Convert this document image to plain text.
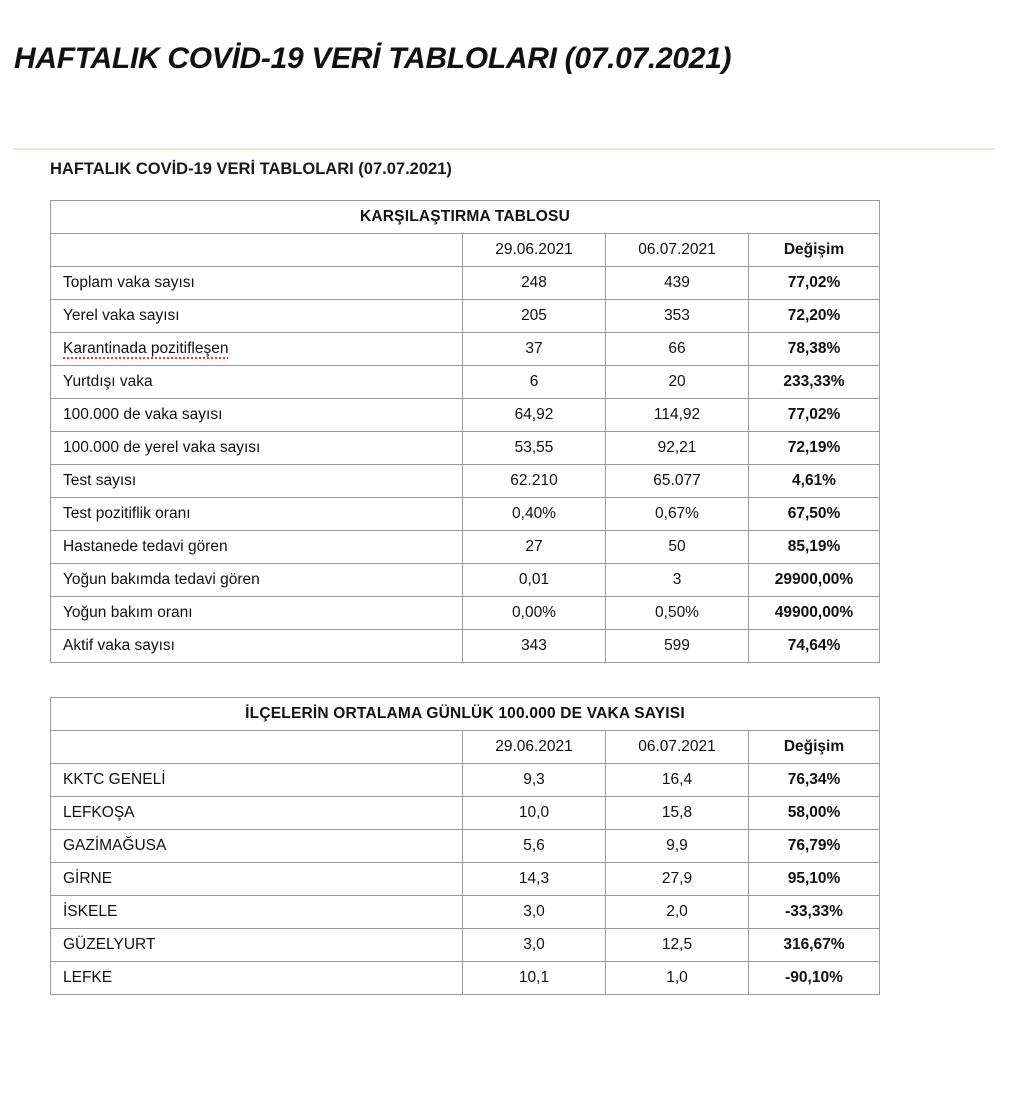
HAFTALIK COVİD-19 VERİ TABLOLARI (07.07.2021)
HAFTALIK COVİD-19 VERİ TABLOLARI (07.07.2021)
KARŞILAŞTIRMA TABLOSU			
	29.06.2021	06.07.2021	Değişim
Toplam vaka sayısı	248	439	77,02%
Yerel vaka sayısı	205	353	72,20%
Karantinada pozitifleşen	37	66	78,38%
Yurtdışı vaka	6	20	233,33%
100.000 de vaka sayısı	64,92	114,92	77,02%
100.000 de yerel vaka sayısı	53,55	92,21	72,19%
Test sayısı	62.210	65.077	4,61%
Test pozitiflik oranı	0,40%	0,67%	67,50%
Hastanede tedavi gören	27	50	85,19%
Yoğun bakımda tedavi gören	0,01	3	29900,00%
Yoğun bakım oranı	0,00%	0,50%	49900,00%
Aktif vaka sayısı	343	599	74,64%
İLÇELERİN ORTALAMA GÜNLÜK 100.000 DE VAKA SAYISI			
	29.06.2021	06.07.2021	Değişim
KKTC GENELİ	9,3	16,4	76,34%
LEFKOŞA	10,0	15,8	58,00%
GAZİMAĞUSA	5,6	9,9	76,79%
GİRNE	14,3	27,9	95,10%
İSKELE	3,0	2,0	-33,33%
GÜZELYURT	3,0	12,5	316,67%
LEFKE	10,1	1,0	-90,10%
